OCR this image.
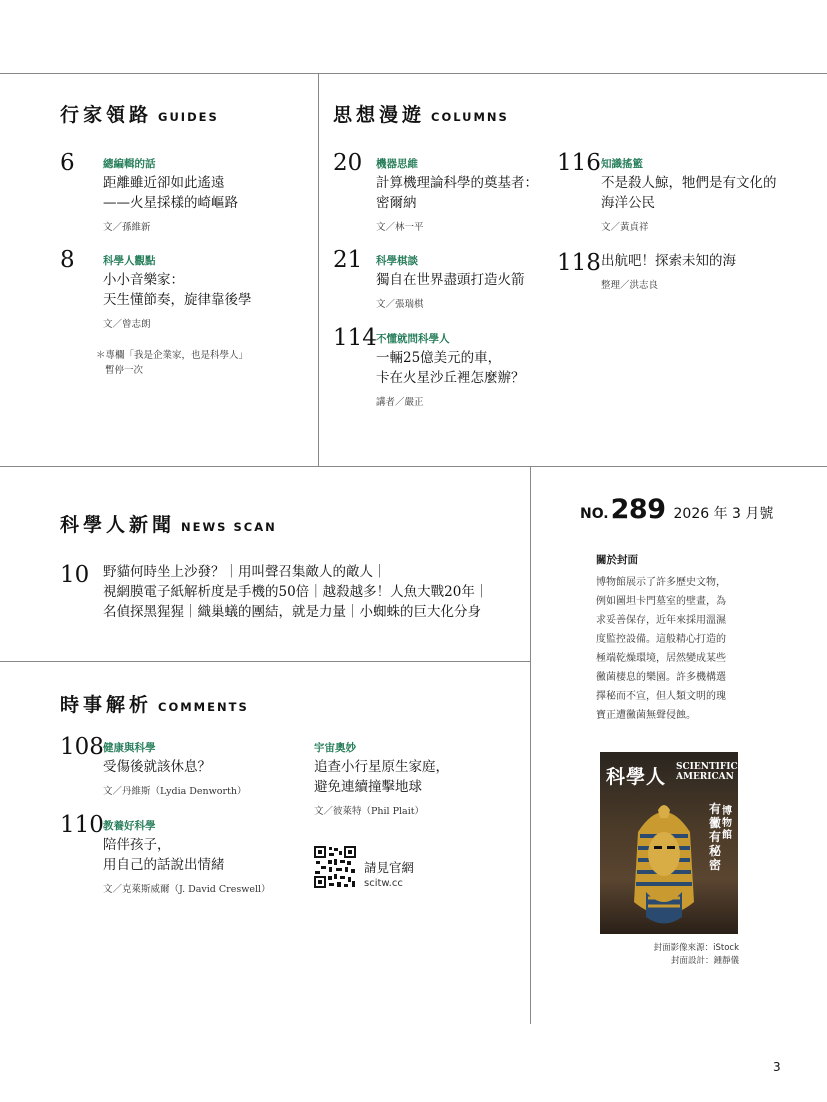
行家領路 GUIDES
6	總編輯的話
距離雖近卻如此遙遠
——火星採樣的崎嶇路
文／孫維新
8	科學人觀點
小小音樂家：
天生懂節奏，旋律靠後學
文／曾志朗
＊專欄「我是企業家，也是科學人」
暫停一次
思想漫遊 COLUMNS
20 機器思維
計算機理論科學的奠基者：
密爾納
文／林一平
21 科學棋談
獨自在世界盡頭打造火箭
文／張瑞棋
114 不懂就問科學人
一輛25億美元的車，
卡在火星沙丘裡怎麼辦？
講者／嚴正
116 知識搖籃
不是殺人鯨，牠們是有文化的
海洋公民
文／黃貞祥
118 出航吧！探索未知的海
整理／洪志良
科學人新聞 NEWS SCAN
10 野貓何時坐上沙發？｜用叫聲召集敵人的敵人｜
視網膜電子紙解析度是手機的50倍｜越殺越多！人魚大戰20年｜
名偵探黑猩猩｜織巢蟻的團結，就是力量｜小蜘蛛的巨大化分身
時事解析 COMMENTS
108 健康與科學
受傷後就該休息？
文／丹維斯（Lydia Denworth）
110 教養好科學
陪伴孩子，
用自己的話說出情緒
文／克萊斯威爾（J. David Creswell）
宇宙奧妙
追查小行星原生家庭，
避免連續撞擊地球
文／彼萊特（Phil Plait）
請見官網
scitw.cc
NO.289 2026 年 3 月號
關於封面
博物館展示了許多歷史文物，
例如圖坦卡門墓室的壁畫，為
求妥善保存，近年來採用溫濕
度監控設備。這般精心打造的
極端乾燥環境，居然變成某些
黴菌棲息的樂園。許多機構選
擇秘而不宣，但人類文明的瑰
寶正遭黴菌無聲侵蝕。
科學人 SCIENTIFIC
AMERICAN
博物館
有黴有秘密
封面影像來源：iStock
封面設計：鍾靜儀
3
